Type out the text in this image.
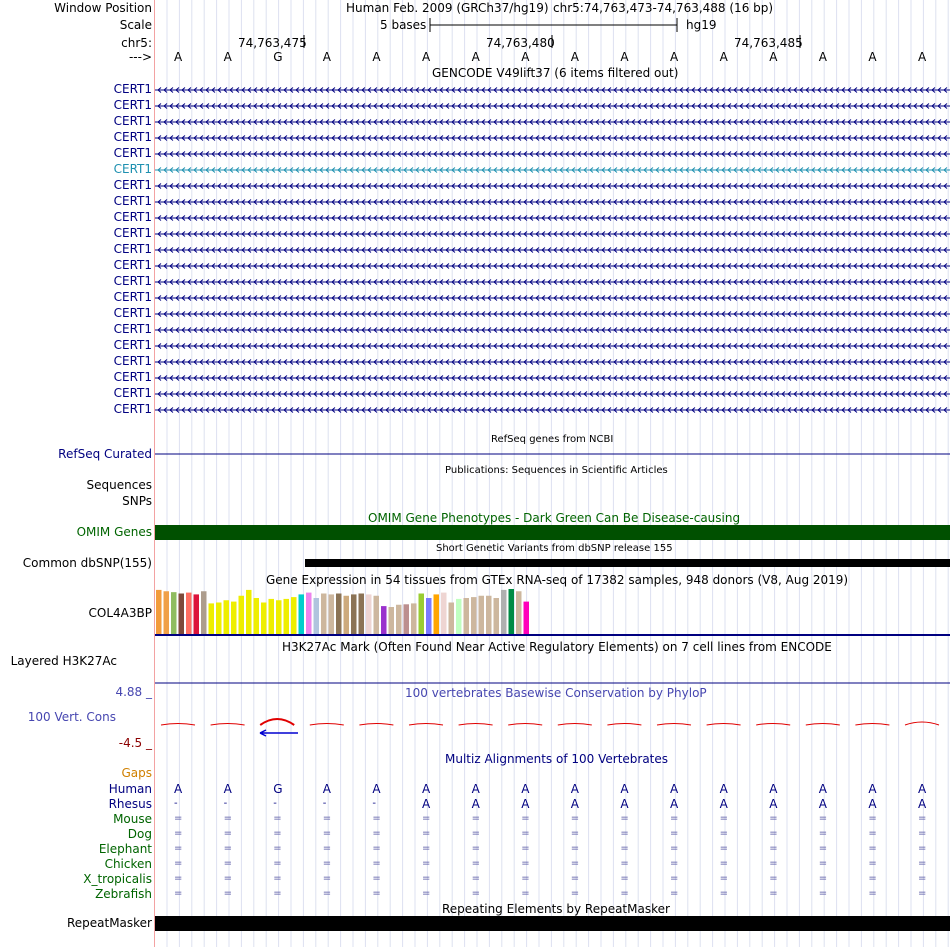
Window Position	Human Feb. 2009 (GRCh37/hg19) chr5:74,763,473-74,763,488 (16 bp)
Scale	5 bases	hg19
chr5:	74,763,475	74,763,480	74,763,485
---> A	A	G	A	A	A	A	A	A	A	A	A	A	A	A	A
GENCODE V49lift37 (6 items filtered out)
CERT1
CERT1
CERT1
CERT1
CERT1
CERT1
CERT1
CERT1
CERT1
CERT1
CERT1
CERT1
CERT1
CERT1
CERT1
CERT1
CERT1
CERT1
CERT1
CERT1
CERT1
RefSeq genes from NCBI
RefSeq Curated
Publications: Sequences in Scientific Articles
Sequences
SNPs
OMIM Gene Phenotypes - Dark Green Can Be Disease-causing
OMIM Genes
Short Genetic Variants from dbSNP release 155
Common dbSNP(155)
Gene Expression in 54 tissues from GTEx RNA-seq of 17382 samples, 948 donors (V8, Aug 2019)
COL4A3BP
H3K27Ac Mark (Often Found Near Active Regulatory Elements) on 7 cell lines from ENCODE
Layered H3K27Ac
100 vertebrates Basewise Conservation by PhyloP
4.88 _
100 Vert. Cons
-4.5 _
Multiz Alignments of 100 Vertebrates
Gaps
Human A	A	G	A	A	A	A	A	A	A	A	A	A	A	A	A
Rhesus -	-	-	-	-	A	A	A	A	A	A	A	A	A	A	A
Mouse =	=	=	=	=	=	=	=	=	=	=	=	=	=	=	=
Dog =	=	=	=	=	=	=	=	=	=	=	=	=	=	=	=
Elephant =	=	=	=	=	=	=	=	=	=	=	=	=	=	=	=
Chicken =	=	=	=	=	=	=	=	=	=	=	=	=	=	=	=
X_tropicalis =	=	=	=	=	=	=	=	=	=	=	=	=	=	=	=
Zebrafish =	=	=	=	=	=	=	=	=	=	=	=	=	=	=	=
Repeating Elements by RepeatMasker
RepeatMasker
